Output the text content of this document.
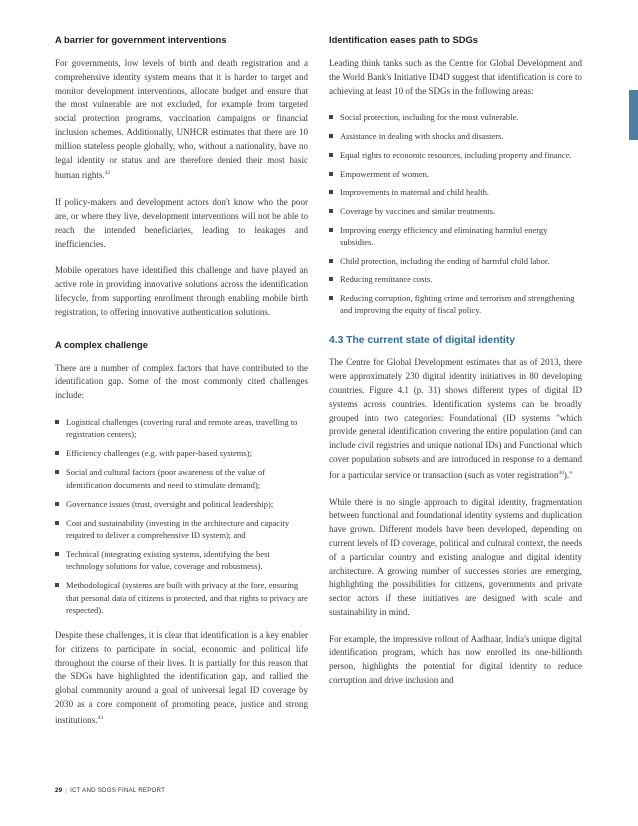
A barrier for government interventions

For governments, low levels of birth and death registration and a comprehensive identity system means that it is harder to target and monitor development interventions, allocate budget and ensure that the most vulnerable are not excluded, for example from targeted social protection programs, vaccination campaigns or financial inclusion schemes. Additionally, UNHCR estimates that there are 10 million stateless people globally, who, without a nationality, have no legal identity or status and are therefore denied their most basic human rights.$^{42}$

If policy-makers and development actors don't know who the poor are, or where they live, development interventions will not be able to reach the intended beneficiaries, leading to leakages and inefficiencies.

Mobile operators have identified this challenge and have played an active role in providing innovative solutions across the identification lifecycle, from supporting enrollment through enabling mobile birth registration, to offering innovative authentication solutions.

A complex challenge

There are a number of complex factors that have contributed to the identification gap. Some of the most commonly cited challenges include:

Logistical challenges (covering rural and remote areas, travelling to registration centers);
Efficiency challenges (e.g. with paper-based systems);
Social and cultural factors (poor awareness of the value of identification documents and need to stimulate demand);
Governance issues (trust, oversight and political leadership);
Cost and sustainability (investing in the architecture and capacity required to deliver a comprehensive ID system); and
Technical (integrating existing systems, identifying the best technology solutions for value, coverage and robustness).
Methodological (systems are built with privacy at the fore, ensuring that personal data of citizens is protected, and that rights to privacy are respected).

Despite these challenges, it is clear that identification is a key enabler for citizens to participate in social, economic and political life throughout the course of their lives. It is partially for this reason that the SDGs have highlighted the identification gap, and rallied the global community around a goal of universal legal ID coverage by 2030 as a core component of promoting peace, justice and strong institutions.$^{43}$

Identification eases path to SDGs

Leading think tanks such as the Centre for Global Development and the World Bank's Initiative ID4D suggest that identification is core to achieving at least 10 of the SDGs in the following areas:

Social protection, including for the most vulnerable.
Assistance in dealing with shocks and disasters.
Equal rights to economic resources, including property and finance.
Empowerment of women.
Improvements in maternal and child health.
Coverage by vaccines and similar treatments.
Improving energy efficiency and eliminating harmful energy subsidies.
Child protection, including the ending of harmful child labor.
Reducing remittance costs.
Reducing corruption, fighting crime and terrorism and strengthening and improving the equity of fiscal policy.
4.3 The current state of digital identity

The Centre for Global Development estimates that as of 2013, there were approximately 230 digital identity initiatives in 80 developing countries. Figure 4.1 (p. 31) shows different types of digital ID systems across countries. Identification systems can be broadly grouped into two categories: Foundational (ID systems "which provide general identification covering the entire population (and can include civil registries and unique national IDs) and Functional which cover population subsets and are introduced in response to a demand for a particular service or transaction (such as voter registration$^{44}$)."

While there is no single approach to digital identity, fragmentation between functional and foundational identity systems and duplication have grown. Different models have been developed, depending on current levels of ID coverage, political and cultural context, the needs of a particular country and existing analogue and digital identity architecture. A growing number of successes stories are emerging, highlighting the possibilities for citizens, governments and private sector actors if these initiatives are designed with scale and sustainability in mind.

For example, the impressive rollout of Aadhaar, India's unique digital identification program, which has now enrolled its one-billionth person, highlights the potential for digital identity to reduce corruption and drive inclusion and

29 | ICT AND SDGS FINAL REPORT
